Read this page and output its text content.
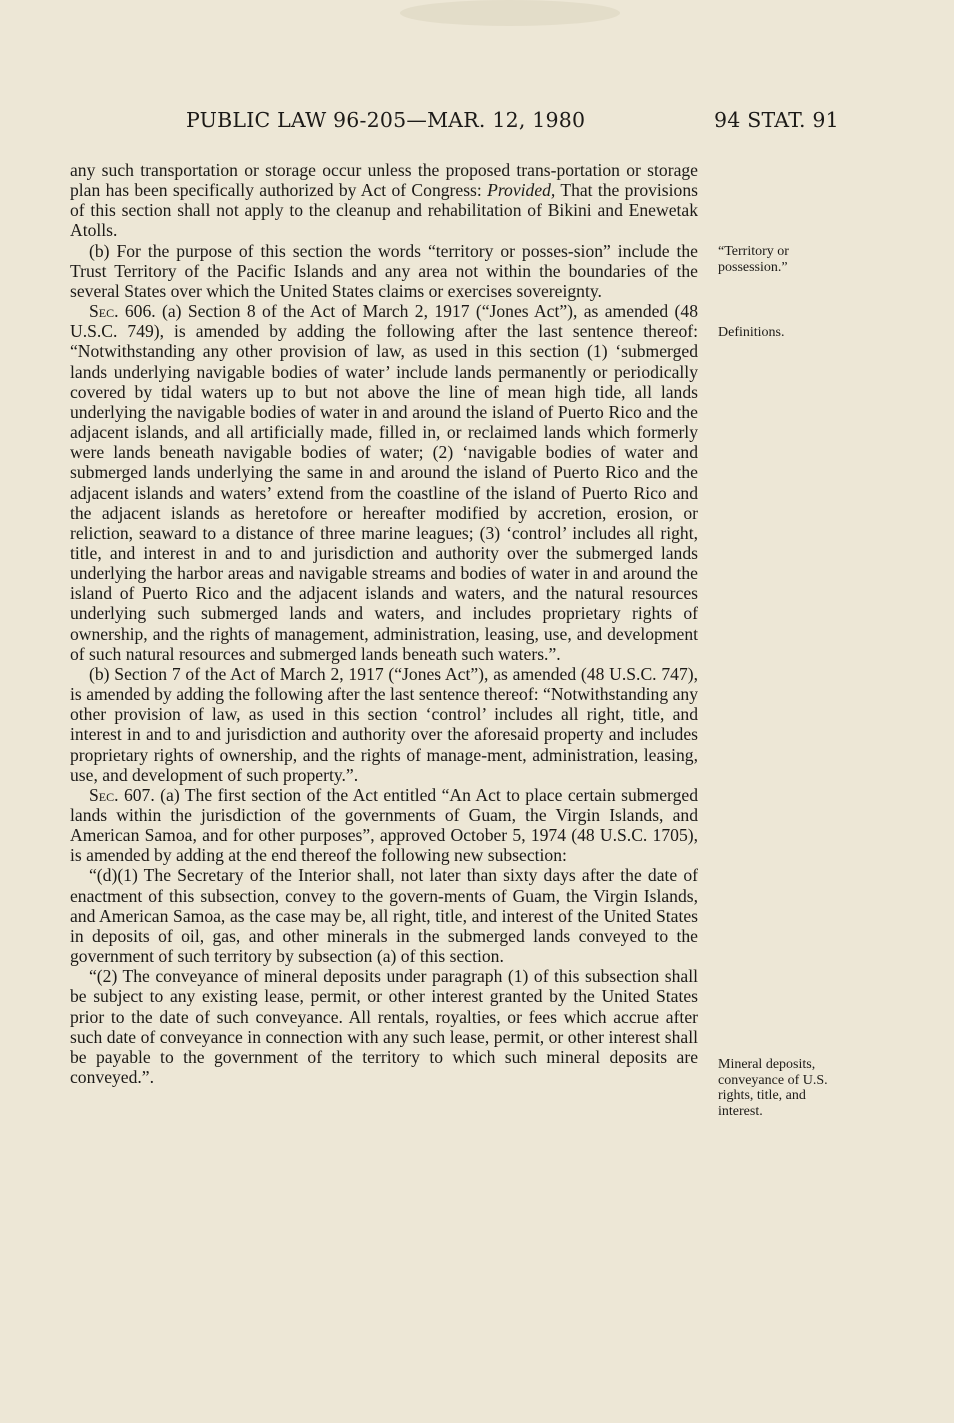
PUBLIC LAW 96-205—MAR. 12, 1980	94 STAT. 91

any such transportation or storage occur unless the proposed trans-portation or storage plan has been specifically authorized by Act of Congress: Provided, That the provisions of this section shall not apply to the cleanup and rehabilitation of Bikini and Enewetak Atolls.

(b) For the purpose of this section the words “territory or posses-sion” include the Trust Territory of the Pacific Islands and any area not within the boundaries of the several States over which the United States claims or exercises sovereignty.

Sec. 606. (a) Section 8 of the Act of March 2, 1917 (“Jones Act”), as amended (48 U.S.C. 749), is amended by adding the following after the last sentence thereof: “Notwithstanding any other provision of law, as used in this section (1) ‘submerged lands underlying navigable bodies of water’ include lands permanently or periodically covered by tidal waters up to but not above the line of mean high tide, all lands underlying the navigable bodies of water in and around the island of Puerto Rico and the adjacent islands, and all artificially made, filled in, or reclaimed lands which formerly were lands beneath navigable bodies of water; (2) ‘navigable bodies of water and submerged lands underlying the same in and around the island of Puerto Rico and the adjacent islands and waters’ extend from the coastline of the island of Puerto Rico and the adjacent islands as heretofore or hereafter modified by accretion, erosion, or reliction, seaward to a distance of three marine leagues; (3) ‘control’ includes all right, title, and interest in and to and jurisdiction and authority over the submerged lands underlying the harbor areas and navigable streams and bodies of water in and around the island of Puerto Rico and the adjacent islands and waters, and the natural resources underlying such submerged lands and waters, and includes proprietary rights of ownership, and the rights of management, administration, leasing, use, and development of such natural resources and submerged lands beneath such waters.”.

(b) Section 7 of the Act of March 2, 1917 (“Jones Act”), as amended (48 U.S.C. 747), is amended by adding the following after the last sentence thereof: “Notwithstanding any other provision of law, as used in this section ‘control’ includes all right, title, and interest in and to and jurisdiction and authority over the aforesaid property and includes proprietary rights of ownership, and the rights of manage-ment, administration, leasing, use, and development of such property.”.

Sec. 607. (a) The first section of the Act entitled “An Act to place certain submerged lands within the jurisdiction of the governments of Guam, the Virgin Islands, and American Samoa, and for other purposes”, approved October 5, 1974 (48 U.S.C. 1705), is amended by adding at the end thereof the following new subsection:

“(d)(1) The Secretary of the Interior shall, not later than sixty days after the date of enactment of this subsection, convey to the govern-ments of Guam, the Virgin Islands, and American Samoa, as the case may be, all right, title, and interest of the United States in deposits of oil, gas, and other minerals in the submerged lands conveyed to the government of such territory by subsection (a) of this section.

“(2) The conveyance of mineral deposits under paragraph (1) of this subsection shall be subject to any existing lease, permit, or other interest granted by the United States prior to the date of such conveyance. All rentals, royalties, or fees which accrue after such date of conveyance in connection with any such lease, permit, or other interest shall be payable to the government of the territory to which such mineral deposits are conveyed.”.

“Territory or possession.”
Definitions.
Mineral deposits, conveyance of U.S. rights, title, and interest.
